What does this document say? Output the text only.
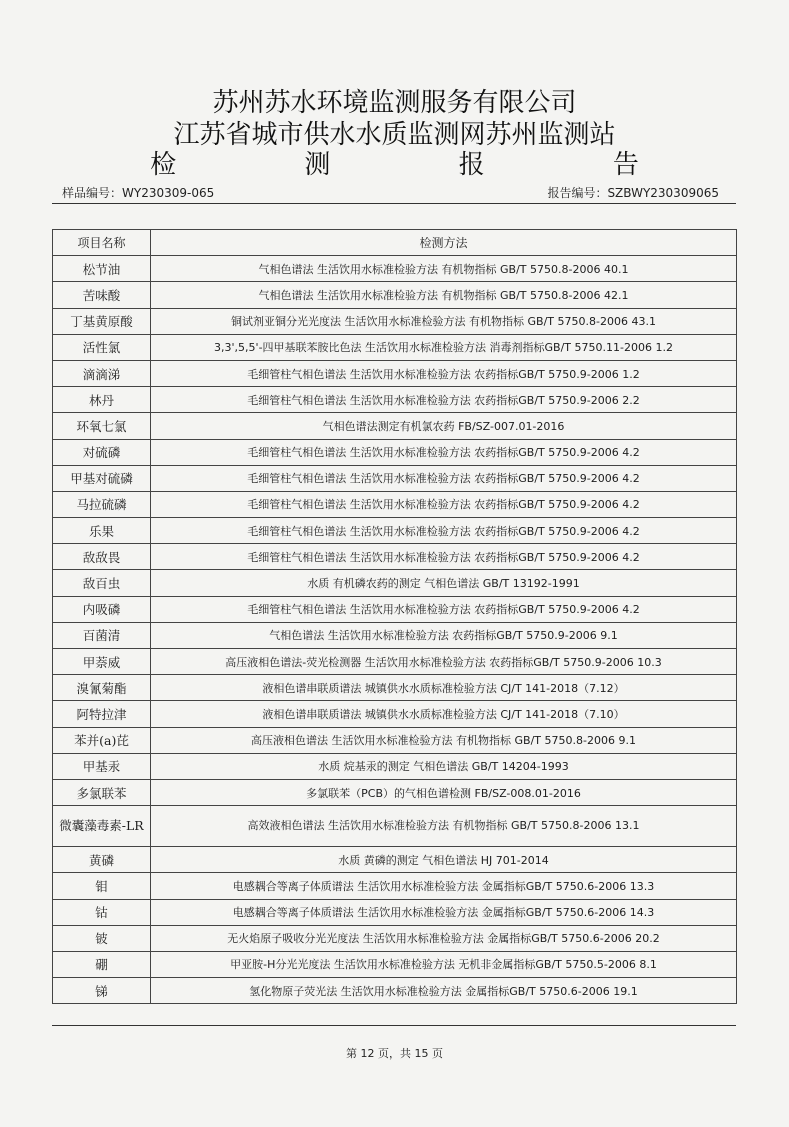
苏州苏水环境监测服务有限公司
江苏省城市供水水质监测网苏州监测站
检 测 报 告
样品编号：WY230309-065	报告编号：SZBWY230309065
项目名称	检测方法
松节油	气相色谱法 生活饮用水标准检验方法 有机物指标 GB/T 5750.8-2006 40.1
苦味酸	气相色谱法 生活饮用水标准检验方法 有机物指标 GB/T 5750.8-2006 42.1
丁基黄原酸	铜试剂亚铜分光光度法 生活饮用水标准检验方法 有机物指标 GB/T 5750.8-2006 43.1
活性氯	3,3',5,5'-四甲基联苯胺比色法 生活饮用水标准检验方法 消毒剂指标GB/T 5750.11-2006 1.2
滴滴涕	毛细管柱气相色谱法 生活饮用水标准检验方法 农药指标GB/T 5750.9-2006 1.2
林丹	毛细管柱气相色谱法 生活饮用水标准检验方法 农药指标GB/T 5750.9-2006 2.2
环氧七氯	气相色谱法测定有机氯农药 FB/SZ-007.01-2016
对硫磷	毛细管柱气相色谱法 生活饮用水标准检验方法 农药指标GB/T 5750.9-2006 4.2
甲基对硫磷	毛细管柱气相色谱法 生活饮用水标准检验方法 农药指标GB/T 5750.9-2006 4.2
马拉硫磷	毛细管柱气相色谱法 生活饮用水标准检验方法 农药指标GB/T 5750.9-2006 4.2
乐果	毛细管柱气相色谱法 生活饮用水标准检验方法 农药指标GB/T 5750.9-2006 4.2
敌敌畏	毛细管柱气相色谱法 生活饮用水标准检验方法 农药指标GB/T 5750.9-2006 4.2
敌百虫	水质 有机磷农药的测定 气相色谱法 GB/T 13192-1991
内吸磷	毛细管柱气相色谱法 生活饮用水标准检验方法 农药指标GB/T 5750.9-2006 4.2
百菌清	气相色谱法 生活饮用水标准检验方法 农药指标GB/T 5750.9-2006 9.1
甲萘威	高压液相色谱法-荧光检测器 生活饮用水标准检验方法 农药指标GB/T 5750.9-2006 10.3
溴氰菊酯	液相色谱串联质谱法 城镇供水水质标准检验方法 CJ/T 141-2018（7.12）
阿特拉津	液相色谱串联质谱法 城镇供水水质标准检验方法 CJ/T 141-2018（7.10）
苯并(a)芘	高压液相色谱法 生活饮用水标准检验方法 有机物指标 GB/T 5750.8-2006 9.1
甲基汞	水质 烷基汞的测定 气相色谱法 GB/T 14204-1993
多氯联苯	多氯联苯（PCB）的气相色谱检测 FB/SZ-008.01-2016
微囊藻毒素-LR	高效液相色谱法 生活饮用水标准检验方法 有机物指标 GB/T 5750.8-2006 13.1
黄磷	水质 黄磷的测定 气相色谱法 HJ 701-2014
钼	电感耦合等离子体质谱法 生活饮用水标准检验方法 金属指标GB/T 5750.6-2006 13.3
钴	电感耦合等离子体质谱法 生活饮用水标准检验方法 金属指标GB/T 5750.6-2006 14.3
铍	无火焰原子吸收分光光度法 生活饮用水标准检验方法 金属指标GB/T 5750.6-2006 20.2
硼	甲亚胺-H分光光度法 生活饮用水标准检验方法 无机非金属指标GB/T 5750.5-2006 8.1
锑	氢化物原子荧光法 生活饮用水标准检验方法 金属指标GB/T 5750.6-2006 19.1
第 12 页，共 15 页
